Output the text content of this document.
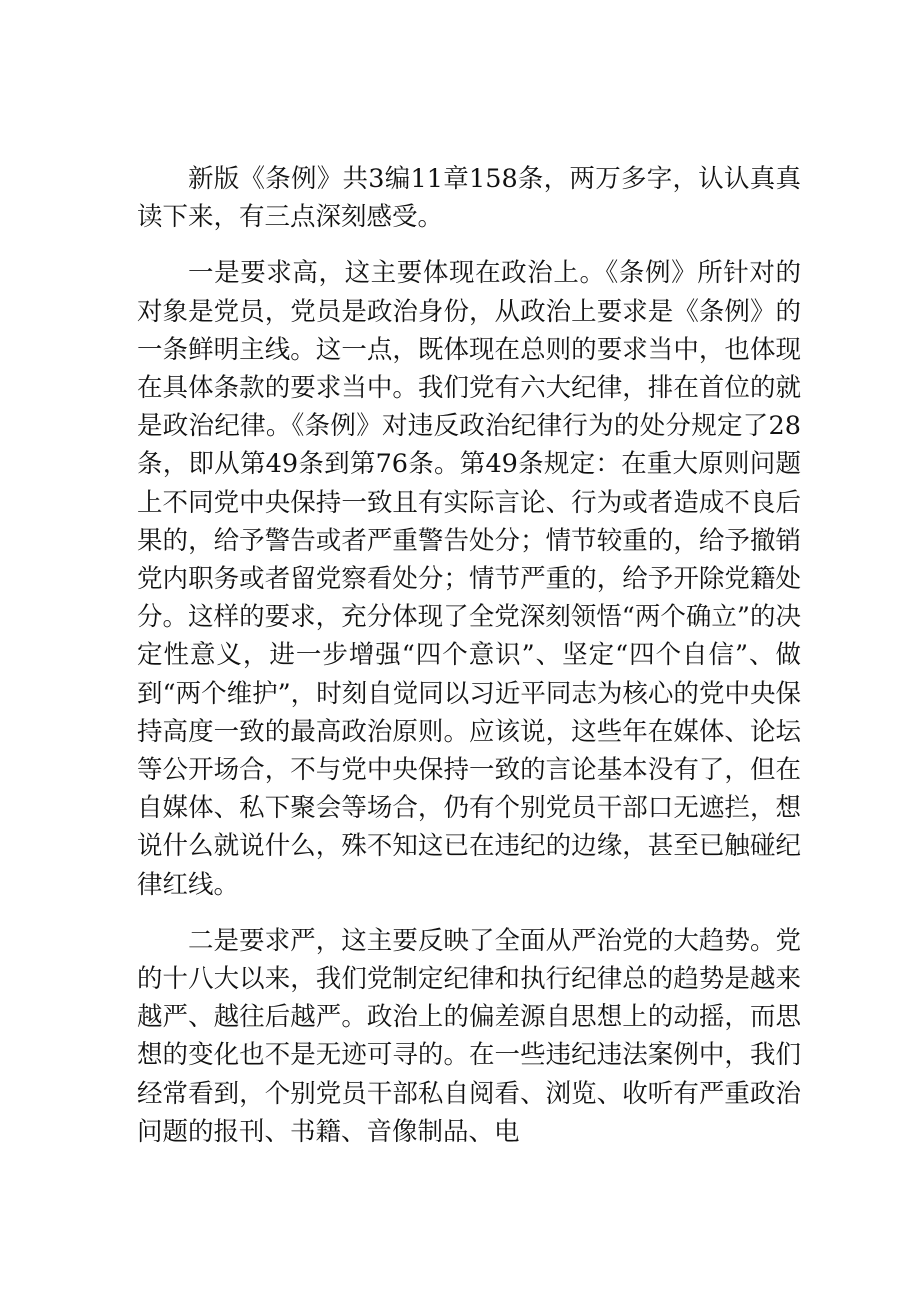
新版《条例》共3编11章158条，两万多字，认认真真读下来，有三点深刻感受。

一是要求高，这主要体现在政治上。《条例》所针对的对象是党员，党员是政治身份，从政治上要求是《条例》的一条鲜明主线。这一点，既体现在总则的要求当中，也体现在具体条款的要求当中。我们党有六大纪律，排在首位的就是政治纪律。《条例》对违反政治纪律行为的处分规定了28条，即从第49条到第76条。第49条规定：在重大原则问题上不同党中央保持一致且有实际言论、行为或者造成不良后果的，给予警告或者严重警告处分；情节较重的，给予撤销党内职务或者留党察看处分；情节严重的，给予开除党籍处分。这样的要求，充分体现了全党深刻领悟“两个确立”的决定性意义，进一步增强“四个意识”、坚定“四个自信”、做到“两个维护”，时刻自觉同以习近平同志为核心的党中央保持高度一致的最高政治原则。应该说，这些年在媒体、论坛等公开场合，不与党中央保持一致的言论基本没有了，但在自媒体、私下聚会等场合，仍有个别党员干部口无遮拦，想说什么就说什么，殊不知这已在违纪的边缘，甚至已触碰纪律红线。

二是要求严，这主要反映了全面从严治党的大趋势。党的十八大以来，我们党制定纪律和执行纪律总的趋势是越来越严、越往后越严。政治上的偏差源自思想上的动摇，而思想的变化也不是无迹可寻的。在一些违纪违法案例中，我们经常看到，个别党员干部私自阅看、浏览、收听有严重政治问题的报刊、书籍、音像制品、电
